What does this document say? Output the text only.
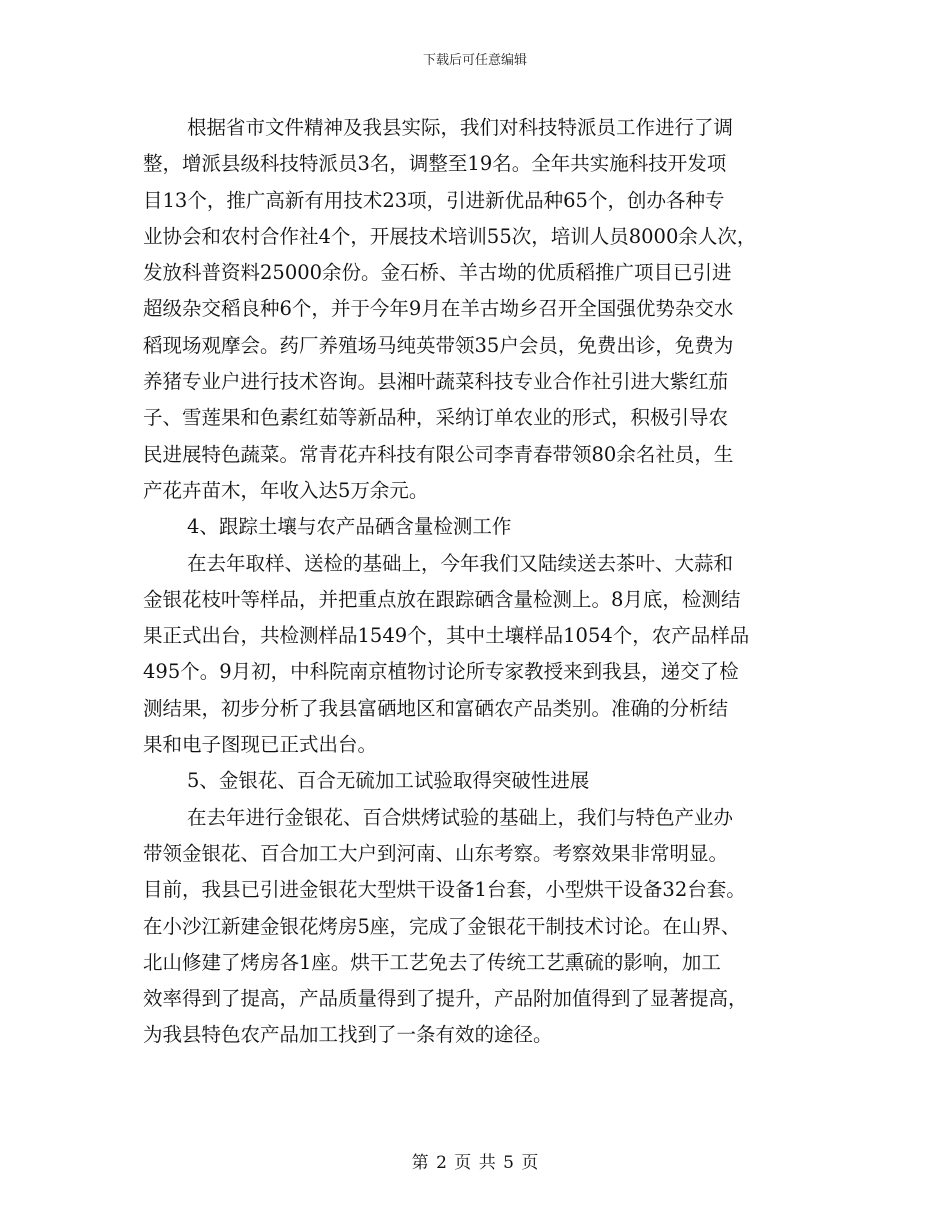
下载后可任意编辑
根据省市文件精神及我县实际，我们对科技特派员工作进行了调
整，增派县级科技特派员3名，调整至19名。全年共实施科技开发项
目13个，推广高新有用技术23项，引进新优品种65个，创办各种专
业协会和农村合作社4个，开展技术培训55次，培训人员8000余人次，
发放科普资料25000余份。金石桥、羊古坳的优质稻推广项目已引进
超级杂交稻良种6个，并于今年9月在羊古坳乡召开全国强优势杂交水
稻现场观摩会。药厂养殖场马纯英带领35户会员，免费出诊，免费为
养猪专业户进行技术咨询。县湘叶蔬菜科技专业合作社引进大紫红茄
子、雪莲果和色素红茹等新品种，采纳订单农业的形式，积极引导农
民进展特色蔬菜。常青花卉科技有限公司李青春带领80余名社员，生
产花卉苗木，年收入达5万余元。
4、跟踪土壤与农产品硒含量检测工作
在去年取样、送检的基础上，今年我们又陆续送去茶叶、大蒜和
金银花枝叶等样品，并把重点放在跟踪硒含量检测上。8月底，检测结
果正式出台，共检测样品1549个，其中土壤样品1054个，农产品样品
495个。9月初，中科院南京植物讨论所专家教授来到我县，递交了检
测结果，初步分析了我县富硒地区和富硒农产品类别。准确的分析结
果和电子图现已正式出台。
5、金银花、百合无硫加工试验取得突破性进展
在去年进行金银花、百合烘烤试验的基础上，我们与特色产业办
带领金银花、百合加工大户到河南、山东考察。考察效果非常明显。
目前，我县已引进金银花大型烘干设备1台套，小型烘干设备32台套。
在小沙江新建金银花烤房5座，完成了金银花干制技术讨论。在山界、
北山修建了烤房各1座。烘干工艺免去了传统工艺熏硫的影响，加工
效率得到了提高，产品质量得到了提升，产品附加值得到了显著提高，
为我县特色农产品加工找到了一条有效的途径。
第 2 页 共 5 页
